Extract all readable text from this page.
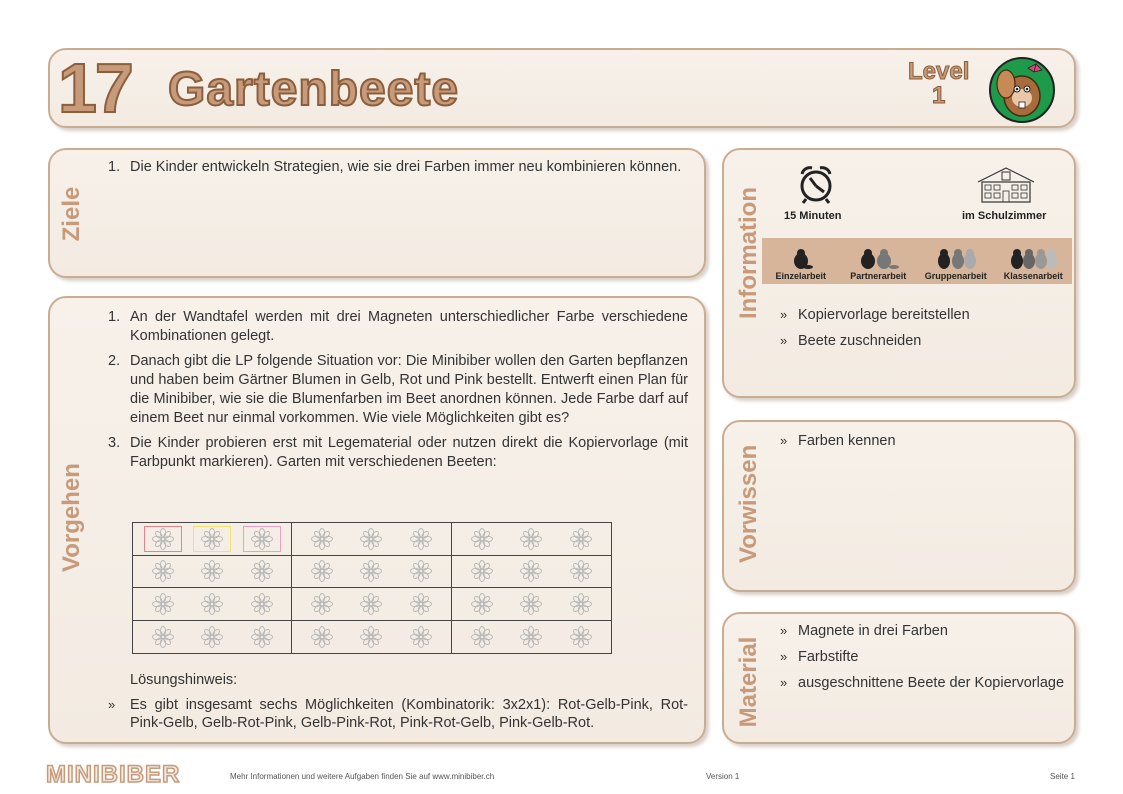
17 Gartenbeete	Level
1
Ziele
1. Die Kinder entwickeln Strategien, wie sie drei Farben immer neu kombinieren können.
Vorgehen
1. An der Wandtafel werden mit drei Magneten unterschiedlicher Farbe verschiedene Kombinationen gelegt.
2. Danach gibt die LP folgende Situation vor: Die Minibiber wollen den Garten bepflanzen und haben beim Gärtner Blumen in Gelb, Rot und Pink bestellt. Entwerft einen Plan für die Minibiber, wie sie die Blumenfarben im Beet anordnen können. Jede Farbe darf auf einem Beet nur einmal vorkommen. Wie viele Möglichkeiten gibt es?
3. Die Kinder probieren erst mit Legematerial oder nutzen direkt die Kopiervorlage (mit Farbpunkt markieren). Garten mit verschiedenen Beeten:
Lösungshinweis:
» Es gibt insgesamt sechs Möglichkeiten (Kombinatorik: 3x2x1): Rot-Gelb-Pink, Rot-Pink-Gelb, Gelb-Rot-Pink, Gelb-Pink-Rot, Pink-Rot-Gelb, Pink-Gelb-Rot.
Information 15 Minuten	im Schulzimmer
Einzelarbeit	Partnerarbeit Gruppenarbeit Klassenarbeit
» Kopiervorlage bereitstellen
» Beete zuschneiden
Vorwissen
» Farben kennen
Material
» Magnete in drei Farben
» Farbstifte
» ausgeschnittene Beete der Kopiervorlage
MINIBIBER	Mehr Informationen und weitere Aufgaben finden Sie auf www.minibiber.ch	Version 1	Seite 1
